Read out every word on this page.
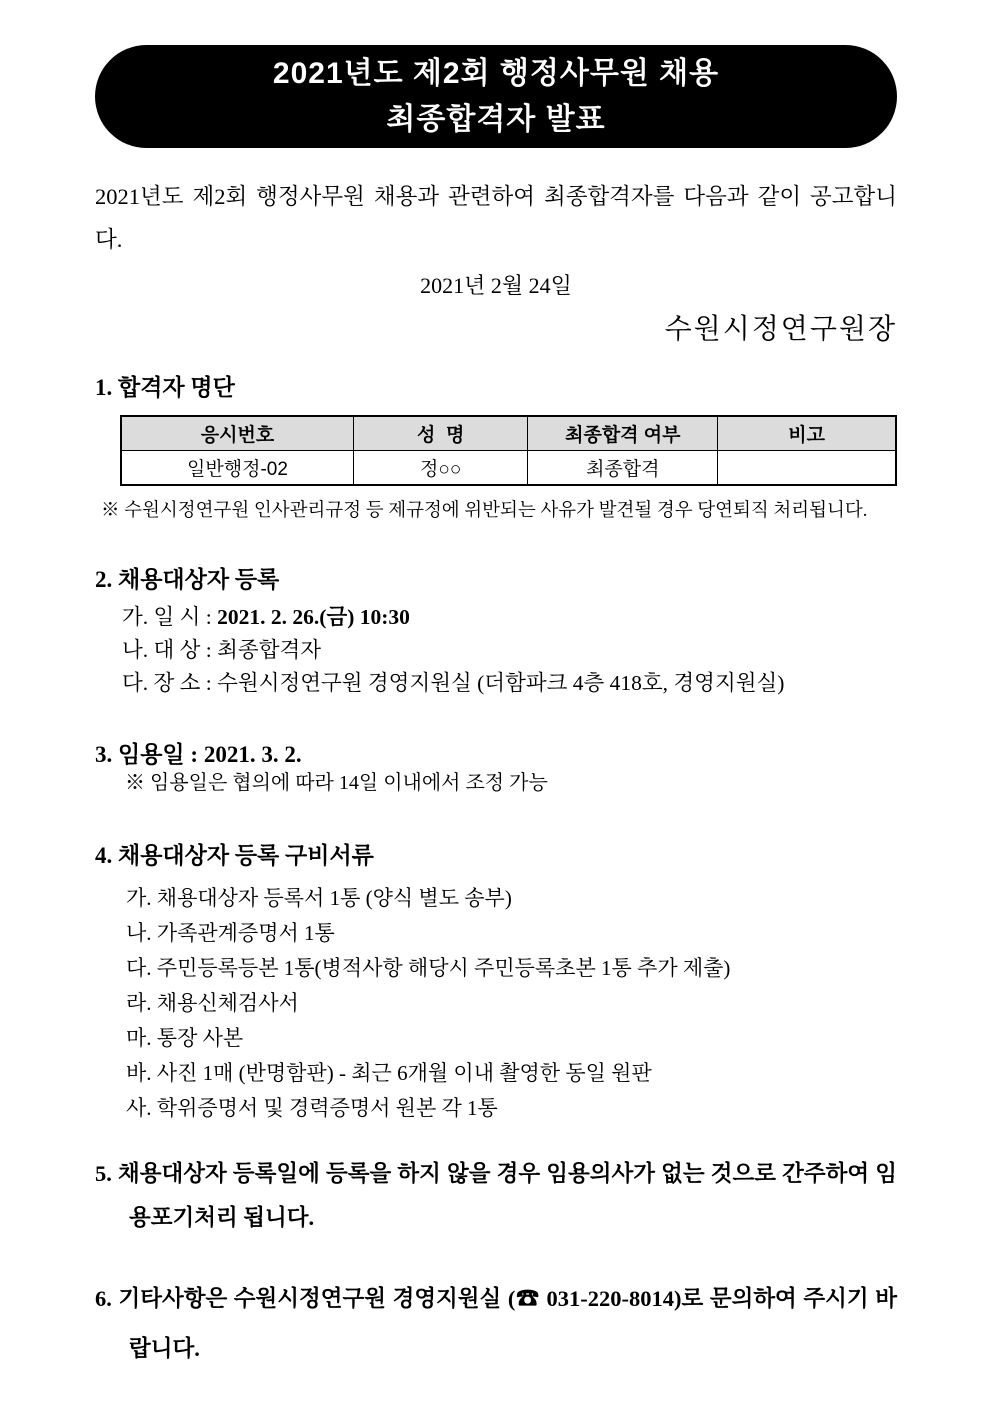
2021년도 제2회 행정사무원 채용
최종합격자 발표

2021년도 제2회 행정사무원 채용과 관련하여 최종합격자를 다음과 같이 공고합니다.

2021년 2월 24일

수원시정연구원장

1. 합격자 명단
응시번호	성  명	최종합격 여부	비고
일반행정-02	정○○	최종합격	

※ 수원시정연구원 인사관리규정 등 제규정에 위반되는 사유가 발견될 경우 당연퇴직 처리됩니다.

2. 채용대상자 등록

가. 일 시 : 2021. 2. 26.(금) 10:30

나. 대 상 : 최종합격자

다. 장 소 : 수원시정연구원 경영지원실 (더함파크 4층 418호, 경영지원실)

3. 임용일 : 2021. 3. 2.

※ 임용일은 협의에 따라 14일 이내에서 조정 가능

4. 채용대상자 등록 구비서류

가. 채용대상자 등록서 1통 (양식 별도 송부)

나. 가족관계증명서 1통

다. 주민등록등본 1통(병적사항 해당시 주민등록초본 1통 추가 제출)

라. 채용신체검사서

마. 통장 사본

바. 사진 1매 (반명함판) - 최근 6개월 이내 촬영한 동일 원판

사. 학위증명서 및 경력증명서 원본 각 1통

5. 채용대상자 등록일에 등록을 하지 않을 경우 임용의사가 없는 것으로 간주하여 임용포기처리 됩니다.

6. 기타사항은 수원시정연구원 경영지원실 (☎ 031-220-8014)로 문의하여 주시기 바랍니다.
